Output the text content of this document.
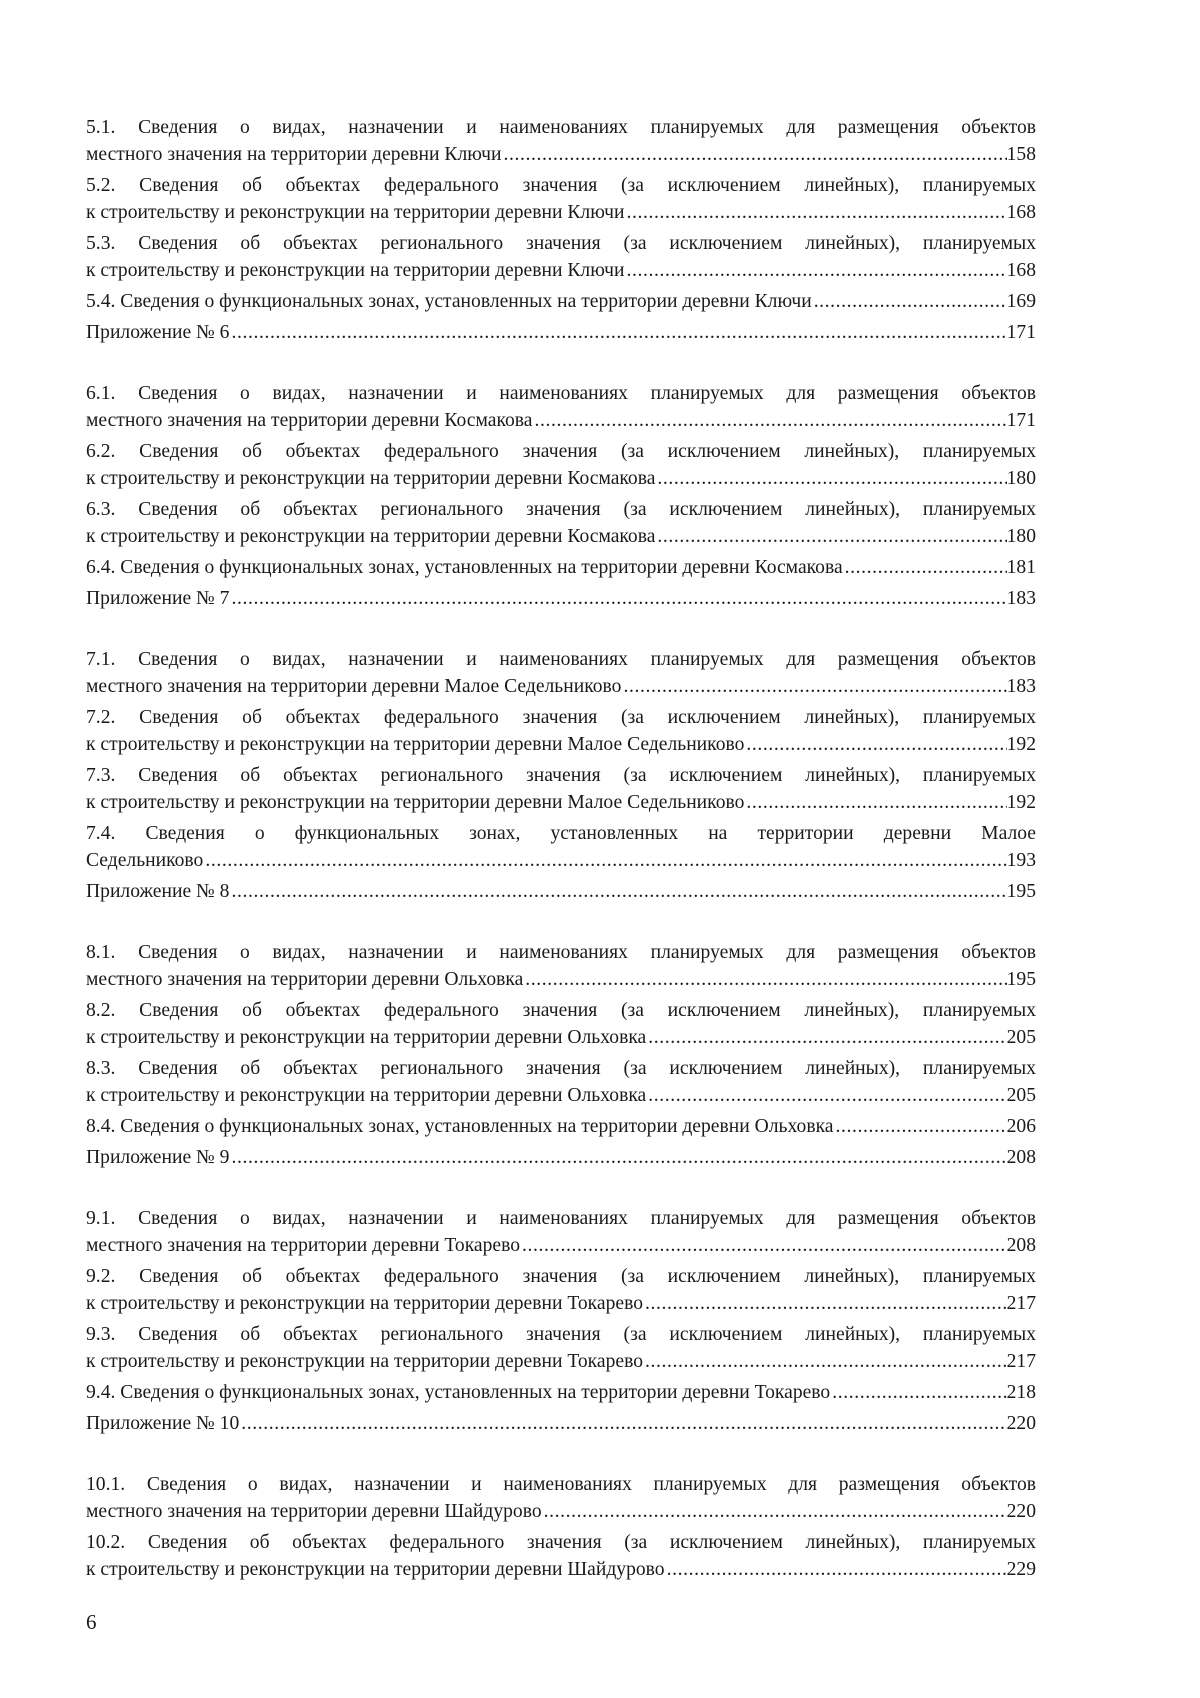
5.1. Сведения о видах, назначении и наименованиях планируемых для размещения объектов
местного значения на территории деревни Ключи .....	158
5.2. Сведения об объектах федерального значения (за исключением линейных), планируемых
к строительству и реконструкции на территории деревни Ключи .....	168
5.3. Сведения об объектах регионального значения (за исключением линейных), планируемых
к строительству и реконструкции на территории деревни Ключи .....	168
5.4. Сведения о функциональных зонах, установленных на территории деревни Ключи .....	169
Приложение № 6 .....	171
6.1. Сведения о видах, назначении и наименованиях планируемых для размещения объектов
местного значения на территории деревни Космакова .....	171
6.2. Сведения об объектах федерального значения (за исключением линейных), планируемых
к строительству и реконструкции на территории деревни Космакова .....	180
6.3. Сведения об объектах регионального значения (за исключением линейных), планируемых
к строительству и реконструкции на территории деревни Космакова .....	180
6.4. Сведения о функциональных зонах, установленных на территории деревни Космакова .....	181
Приложение № 7 .....	183
7.1. Сведения о видах, назначении и наименованиях планируемых для размещения объектов
местного значения на территории деревни Малое Седельниково .....	183
7.2. Сведения об объектах федерального значения (за исключением линейных), планируемых
к строительству и реконструкции на территории деревни Малое Седельниково .....	192
7.3. Сведения об объектах регионального значения (за исключением линейных), планируемых
к строительству и реконструкции на территории деревни Малое Седельниково .....	192
7.4. Сведения о функциональных зонах, установленных на территории деревни Малое
Седельниково .....	193
Приложение № 8 .....	195
8.1. Сведения о видах, назначении и наименованиях планируемых для размещения объектов
местного значения на территории деревни Ольховка .....	195
8.2. Сведения об объектах федерального значения (за исключением линейных), планируемых
к строительству и реконструкции на территории деревни Ольховка .....	205
8.3. Сведения об объектах регионального значения (за исключением линейных), планируемых
к строительству и реконструкции на территории деревни Ольховка .....	205
8.4. Сведения о функциональных зонах, установленных на территории деревни Ольховка .....	206
Приложение № 9 .....	208
9.1. Сведения о видах, назначении и наименованиях планируемых для размещения объектов
местного значения на территории деревни Токарево .....	208
9.2. Сведения об объектах федерального значения (за исключением линейных), планируемых
к строительству и реконструкции на территории деревни Токарево .....	217
9.3. Сведения об объектах регионального значения (за исключением линейных), планируемых
к строительству и реконструкции на территории деревни Токарево .....	217
9.4. Сведения о функциональных зонах, установленных на территории деревни Токарево .....	218
Приложение № 10 .....	220
10.1. Сведения о видах, назначении и наименованиях планируемых для размещения объектов
местного значения на территории деревни Шайдурово .....	220
10.2. Сведения об объектах федерального значения (за исключением линейных), планируемых
к строительству и реконструкции на территории деревни Шайдурово .....	229
6
